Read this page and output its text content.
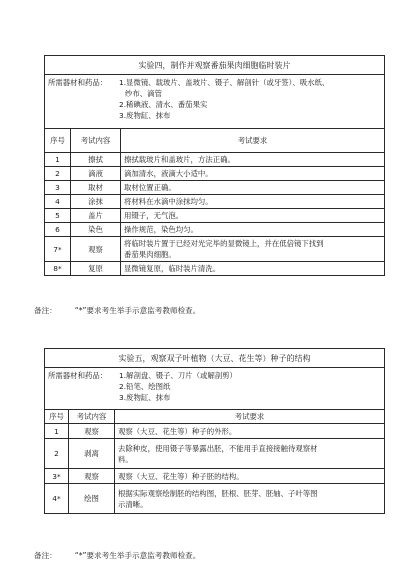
实验四，制作并观察番茄果肉细胞临时装片		

所需器材和药品： 1.显微镜、载玻片、盖玻片、镊子、解剖针（或牙签）、吸水纸、
纱布、滴管
2.稀碘液、清水、番茄果实
3.废物缸、抹布		

序号	考试内容	考试要求
1	擦拭	擦拭载玻片和盖玻片，方法正确。

2	滴液	滴加清水，液滴大小适中。

3	取材	取材位置正确。

4	涂抹	将材料在水滴中涂抹均匀。

5	盖片	用镊子，无气泡。

6	染色	操作规范，染色均匀。

7*	观察	将临时装片置于已经对光完毕的显微镜上，并在低倍镜下找到
番茄果肉细胞。

8*	复原	显微镜复原，临时装片清洗。
备注： “*”要求考生举手示意监考教师检查。
实验五，观察双子叶植物（大豆、花生等）种子的结构		

所需器材和药品： 1.解剖盘、镊子、刀片（或解剖剪）
2.铅笔、绘图纸
3.废物缸、抹布		

序号	考试内容	考试要求
1	观察	观察（大豆、花生等）种子的外形。

2	剥离	去除种皮，使用镊子等暴露出胚，不能用手直接接触待观察材
料。

3*	观察	观察（大豆、花生等）种子胚的结构。

4*	绘图	根据实际观察绘制胚的结构图，胚根、胚芽、胚轴、子叶等图
示清晰。
备注： “*”要求考生举手示意监考教师检查。
